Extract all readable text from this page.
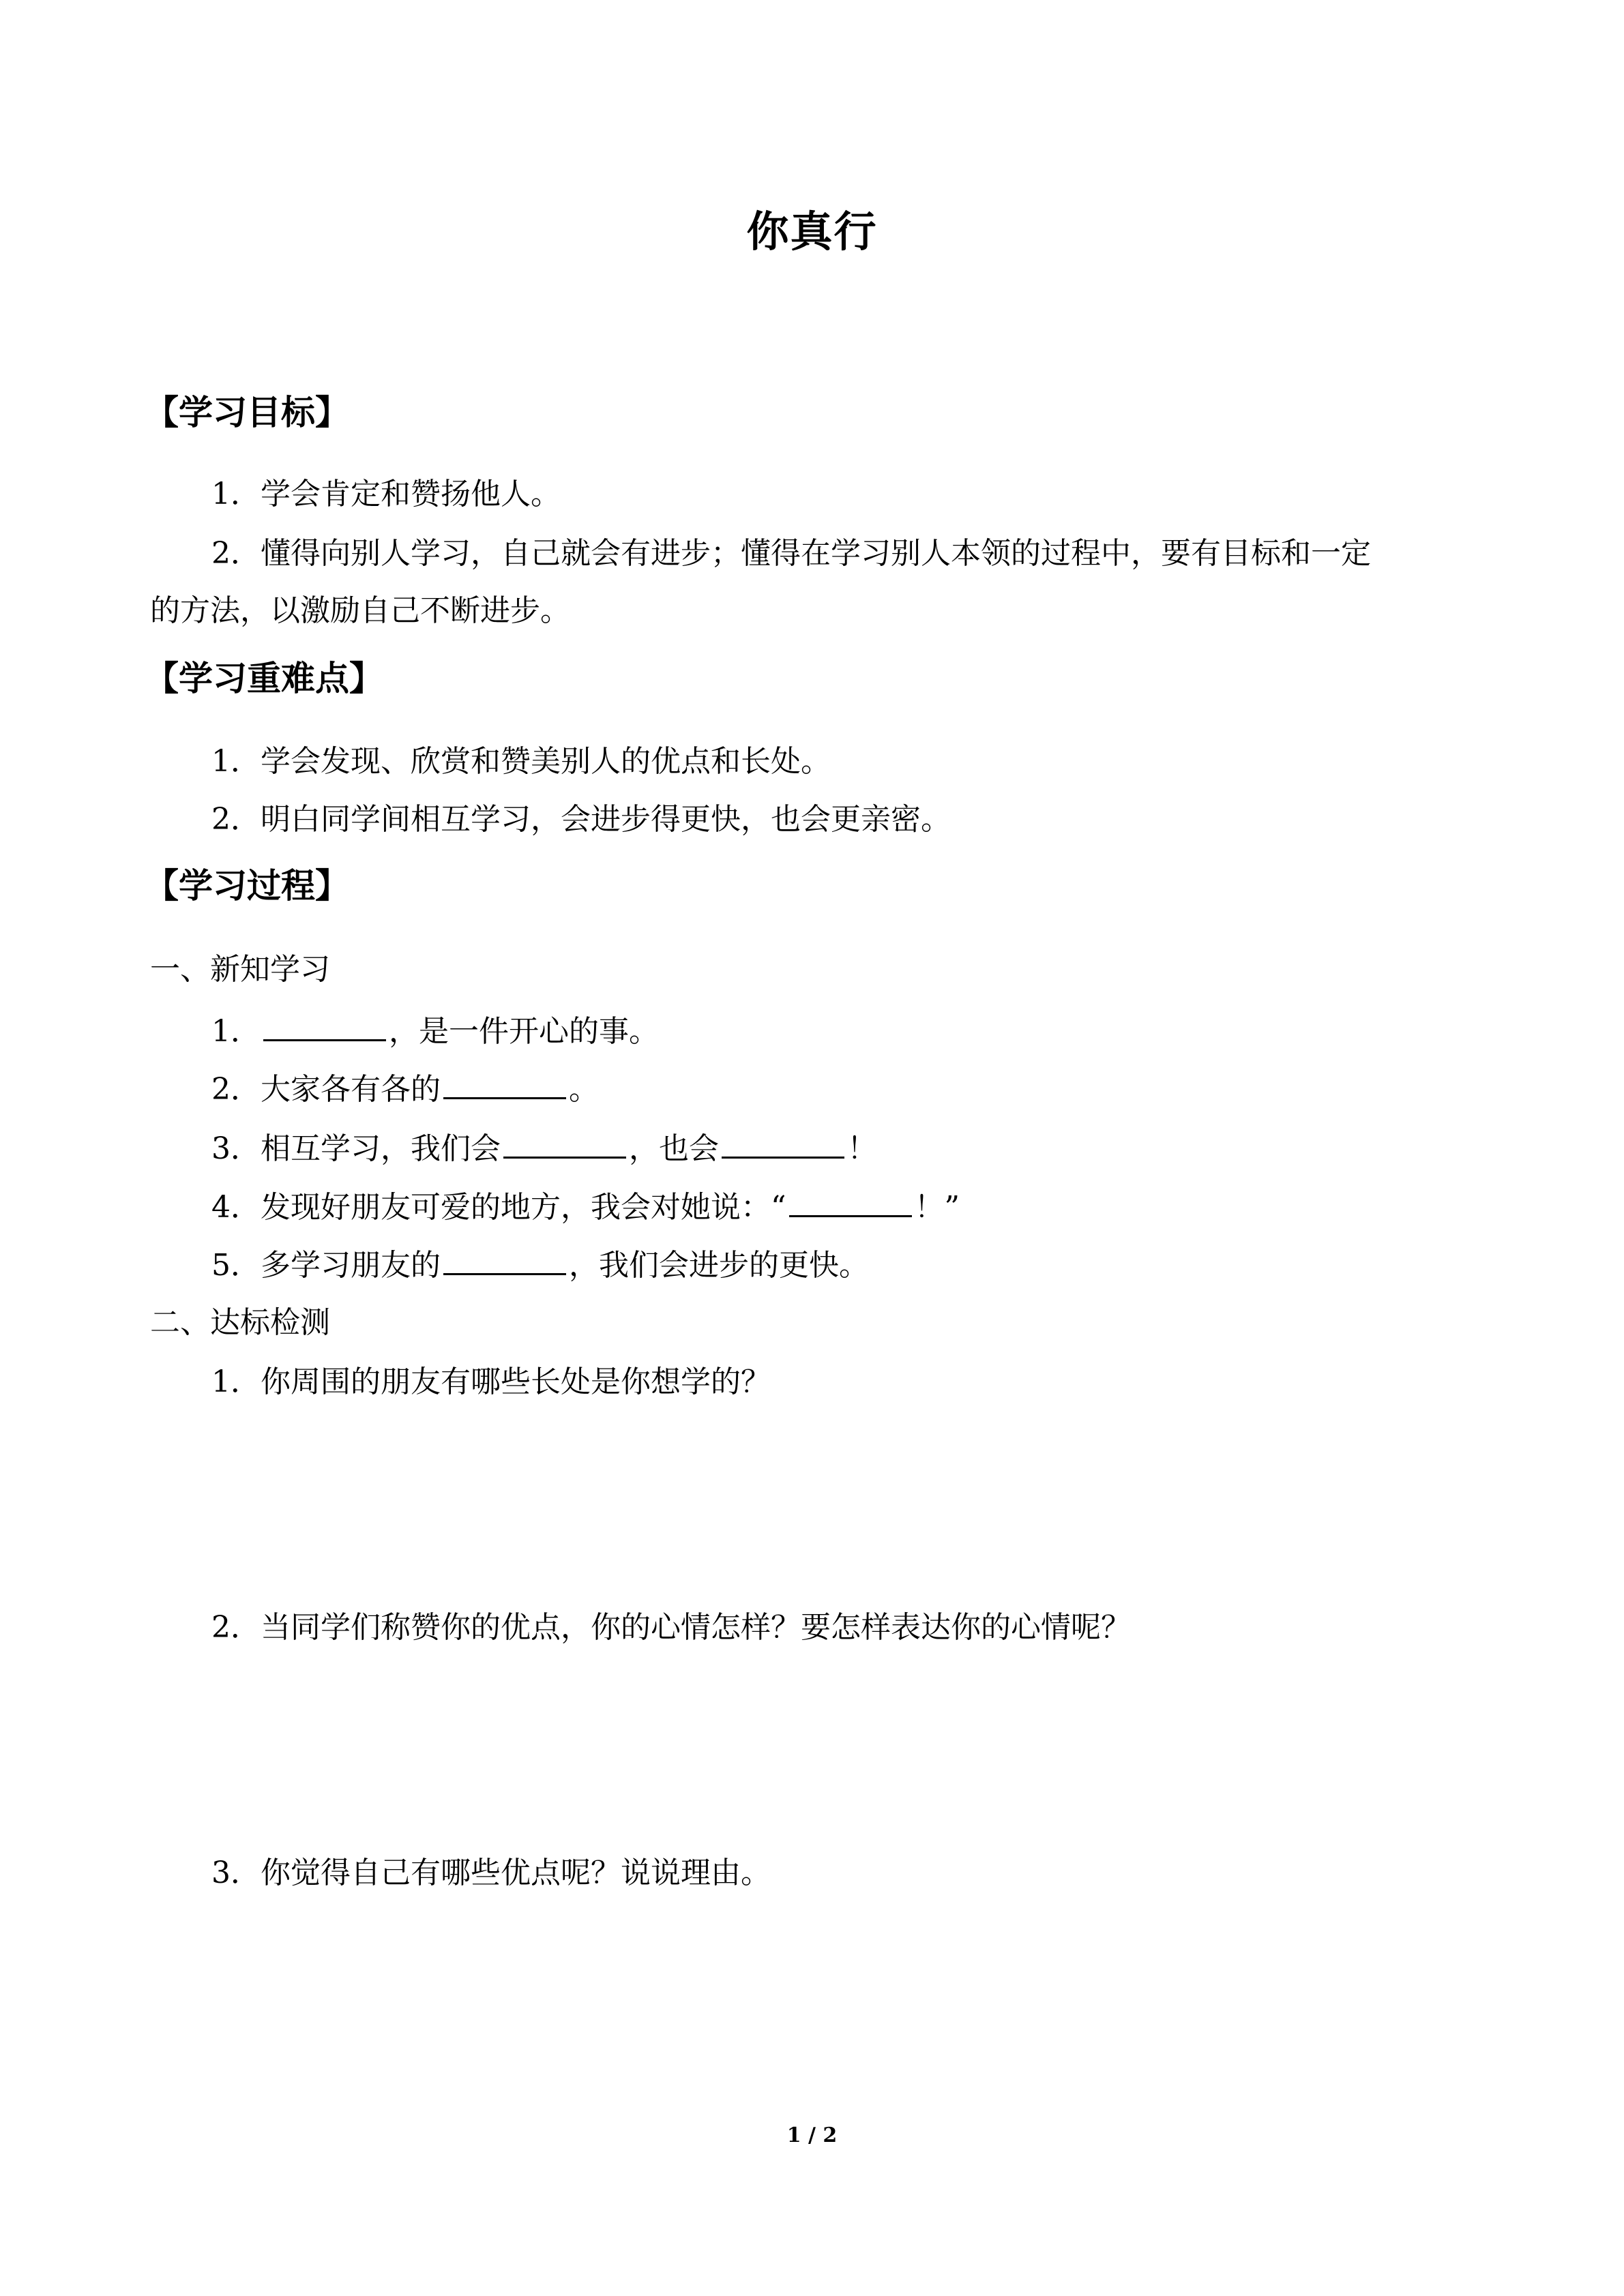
你真行
【学习目标】
1．学会肯定和赞扬他人。
2．懂得向别人学习，自己就会有进步；懂得在学习别人本领的过程中，要有目标和一定
的方法，以激励自己不断进步。
【学习重难点】
1．学会发现、欣赏和赞美别人的优点和长处。
2．明白同学间相互学习，会进步得更快，也会更亲密。
【学习过程】
一、新知学习
1．	，是一件开心的事。
2．大家各有各的	。
3．相互学习，我们会	，也会	！
4．发现好朋友可爱的地方，我会对她说：“	！”
5．多学习朋友的	，我们会进步的更快。
二、达标检测
1．你周围的朋友有哪些长处是你想学的？
2．当同学们称赞你的优点，你的心情怎样？要怎样表达你的心情呢？
3．你觉得自己有哪些优点呢？说说理由。
1 / 2
